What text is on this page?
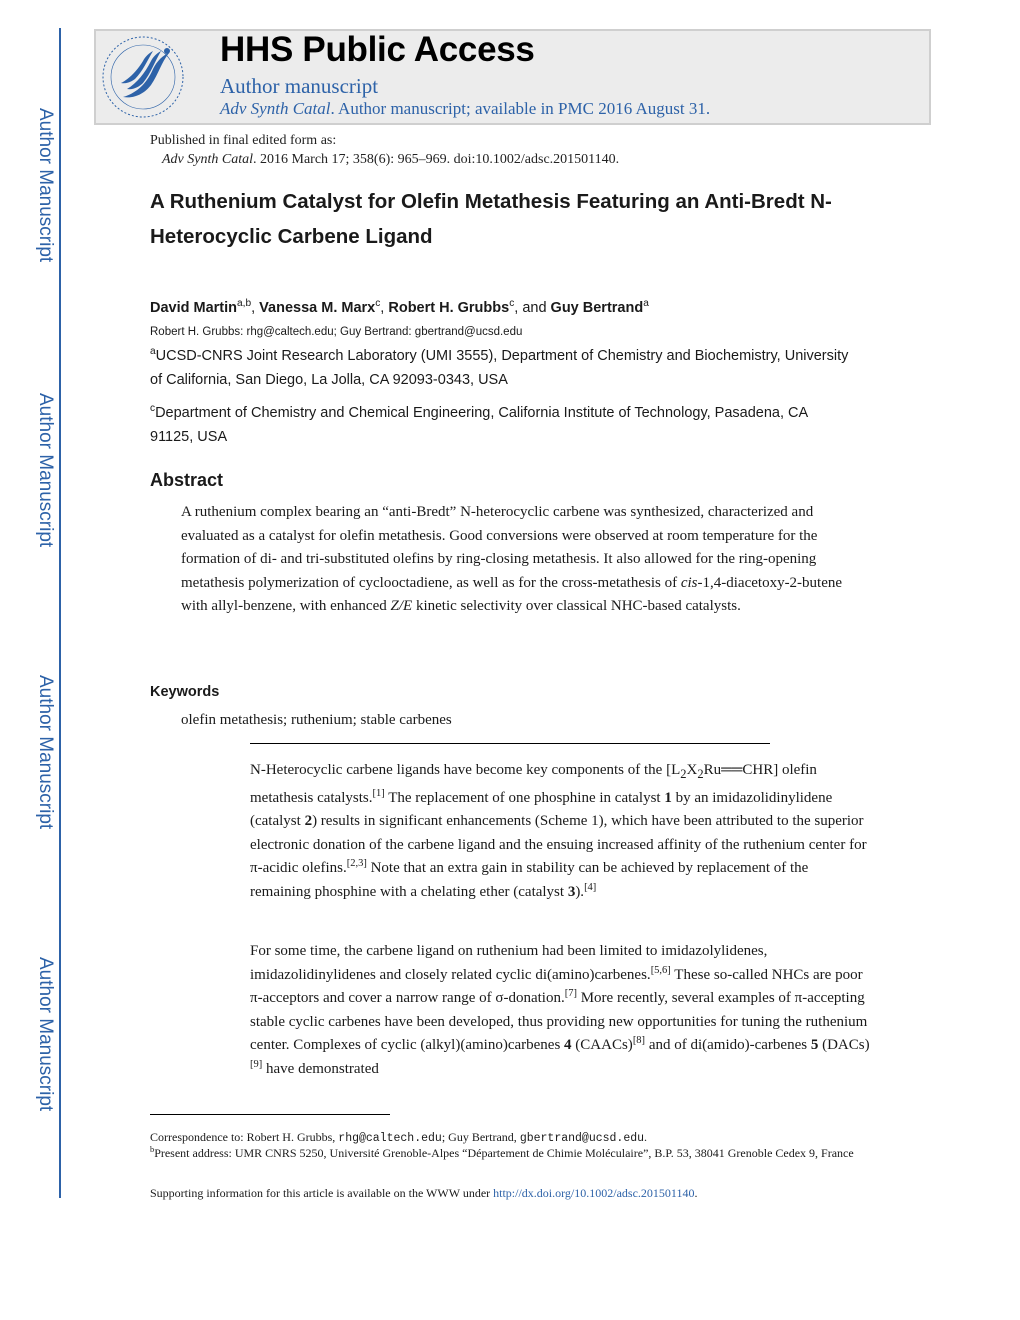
Author Manuscript
Author Manuscript
Author Manuscript
Author Manuscript
HHS Public Access
Author manuscript
Adv Synth Catal. Author manuscript; available in PMC 2016 August 31.
Published in final edited form as:
Adv Synth Catal. 2016 March 17; 358(6): 965–969. doi:10.1002/adsc.201501140.
A Ruthenium Catalyst for Olefin Metathesis Featuring an Anti-Bredt N-Heterocyclic Carbene Ligand
David Martin$^{a,b}$, Vanessa M. Marx$^c$, Robert H. Grubbs$^c$, and Guy Bertrand$^a$
Robert H. Grubbs: rhg@caltech.edu; Guy Bertrand: gbertrand@ucsd.edu
$^a$UCSD-CNRS Joint Research Laboratory (UMI 3555), Department of Chemistry and Biochemistry, University of California, San Diego, La Jolla, CA 92093-0343, USA
$^c$Department of Chemistry and Chemical Engineering, California Institute of Technology, Pasadena, CA 91125, USA
Abstract
A ruthenium complex bearing an “anti-Bredt” N-heterocyclic carbene was synthesized, characterized and evaluated as a catalyst for olefin metathesis. Good conversions were observed at room temperature for the formation of di- and tri-substituted olefins by ring-closing metathesis. It also allowed for the ring-opening metathesis polymerization of cyclooctadiene, as well as for the cross-metathesis of cis-1,4-diacetoxy-2-butene with allyl-benzene, with enhanced Z/E kinetic selectivity over classical NHC-based catalysts.
Keywords
olefin metathesis; ruthenium; stable carbenes
N-Heterocyclic carbene ligands have become key components of the $[L_2X_2Ru══CHR]$ olefin metathesis catalysts.[1] The replacement of one phosphine in catalyst 1 by an imidazolidinylidene (catalyst 2) results in significant enhancements (Scheme 1), which have been attributed to the superior electronic donation of the carbene ligand and the ensuing increased affinity of the ruthenium center for π-acidic olefins.[2,3] Note that an extra gain in stability can be achieved by replacement of the remaining phosphine with a chelating ether (catalyst 3).[4]
For some time, the carbene ligand on ruthenium had been limited to imidazolylidenes, imidazolidinylidenes and closely related cyclic di(amino)carbenes.[5,6] These so-called NHCs are poor π-acceptors and cover a narrow range of σ-donation.[7] More recently, several examples of π-accepting stable cyclic carbenes have been developed, thus providing new opportunities for tuning the ruthenium center. Complexes of cyclic (alkyl)(amino)carbenes 4 (CAACs)[8] and of di(amido)-carbenes 5 (DACs)[9] have demonstrated
Correspondence to: Robert H. Grubbs, rhg@caltech.edu; Guy Bertrand, gbertrand@ucsd.edu.
$^b$Present address: UMR CNRS 5250, Université Grenoble-Alpes “Département de Chimie Moléculaire”, B.P. 53, 38041 Grenoble Cedex 9, France
Supporting information for this article is available on the WWW under http://dx.doi.org/10.1002/adsc.201501140.
